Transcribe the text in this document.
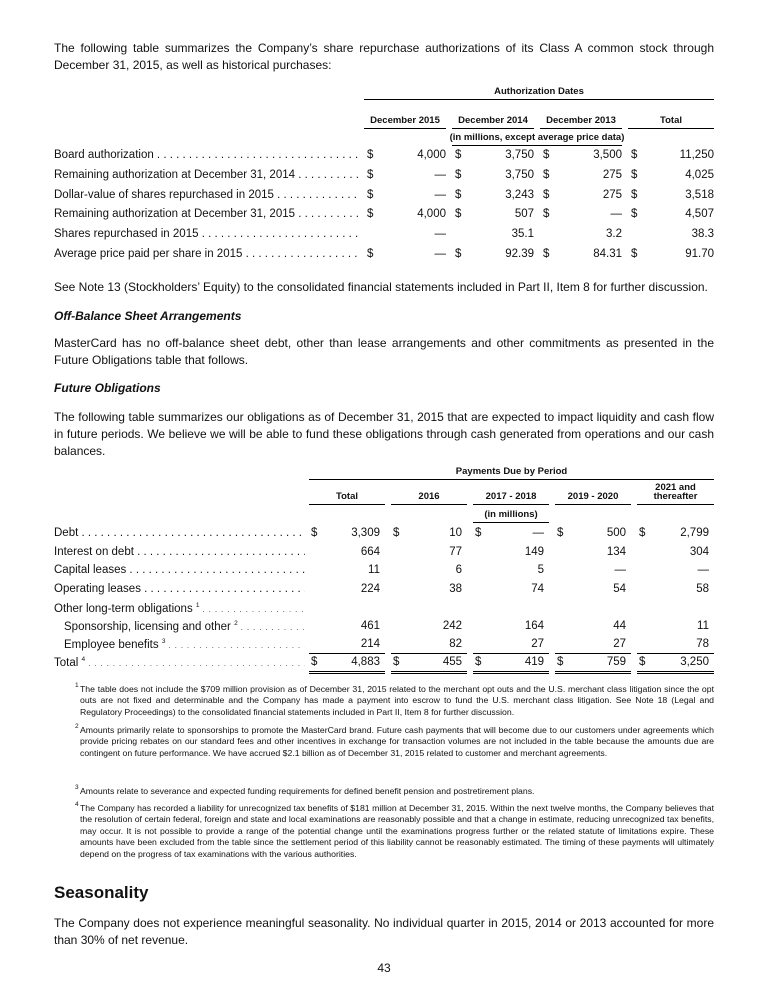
The following table summarizes the Company’s share repurchase authorizations of its Class A common stock through December 31, 2015, as well as historical purchases:

Authorization Dates
December 2015	December 2014	December 2013	Total
(in millions, except average price data)
Board authorization . . .	$	4,000 $	3,750 $	3,500 $	11,250
Remaining authorization at December 31, 2014 . . .	$	— $	3,750 $	275 $	4,025
Dollar-value of shares repurchased in 2015 . . .	$	— $	3,243 $	275 $	3,518
Remaining authorization at December 31, 2015 . . .	$	4,000 $	507 $	— $	4,507
Shares repurchased in 2015 . . .	—	35.1	3.2	38.3
Average price paid per share in 2015 . . .	$	— $	92.39 $	84.31 $	91.70

See Note 13 (Stockholders’ Equity) to the consolidated financial statements included in Part II, Item 8 for further discussion.

Off-Balance Sheet Arrangements

MasterCard has no off-balance sheet debt, other than lease arrangements and other commitments as presented in the Future Obligations table that follows.

Future Obligations

The following table summarizes our obligations as of December 31, 2015 that are expected to impact liquidity and cash flow in future periods. We believe we will be able to fund these obligations through cash generated from operations and our cash balances.

Payments Due by Period
Total	2016	2017 - 2018	2019 - 2020
2021 and
thereafter
(in millions)
Debt . . .	$	3,309 $	10 $	— $	500 $	2,799
Interest on debt . . .	664	77	149	134	304
Capital leases . . .	11	6	5	—	—
Operating leases . . .	224	38	74	54	58
Other long-term obligations $^1$ . . .
Sponsorship, licensing and other $^2$ . . .	461	242	164	44	11
Employee benefits $^3$ . . .	214	82	27	27	78
Total $^4$ . . .	$	4,883 $	455 $	419 $	759 $	3,250

1 The table does not include the $709 million provision as of December 31, 2015 related to the merchant opt outs and the U.S. merchant class litigation since the opt outs are not fixed and determinable and the Company has made a payment into escrow to fund the U.S. merchant class litigation. See Note 18 (Legal and Regulatory Proceedings) to the consolidated financial statements included in Part II, Item 8 for further discussion.

2 Amounts primarily relate to sponsorships to promote the MasterCard brand. Future cash payments that will become due to our customers under agreements which provide pricing rebates on our standard fees and other incentives in exchange for transaction volumes are not included in the table because the amounts due are contingent on future performance. We have accrued $2.1 billion as of December 31, 2015 related to customer and merchant agreements.

3 Amounts relate to severance and expected funding requirements for defined benefit pension and postretirement plans.

4 The Company has recorded a liability for unrecognized tax benefits of $181 million at December 31, 2015. Within the next twelve months, the Company believes that the resolution of certain federal, foreign and state and local examinations are reasonably possible and that a change in estimate, reducing unrecognized tax benefits, may occur. It is not possible to provide a range of the potential change until the examinations progress further or the related statute of limitations expire. These amounts have been excluded from the table since the settlement period of this liability cannot be reasonably estimated. The timing of these payments will ultimately depend on the progress of tax examinations with the various authorities.

Seasonality

The Company does not experience meaningful seasonality. No individual quarter in 2015, 2014 or 2013 accounted for more than 30% of net revenue.

43
